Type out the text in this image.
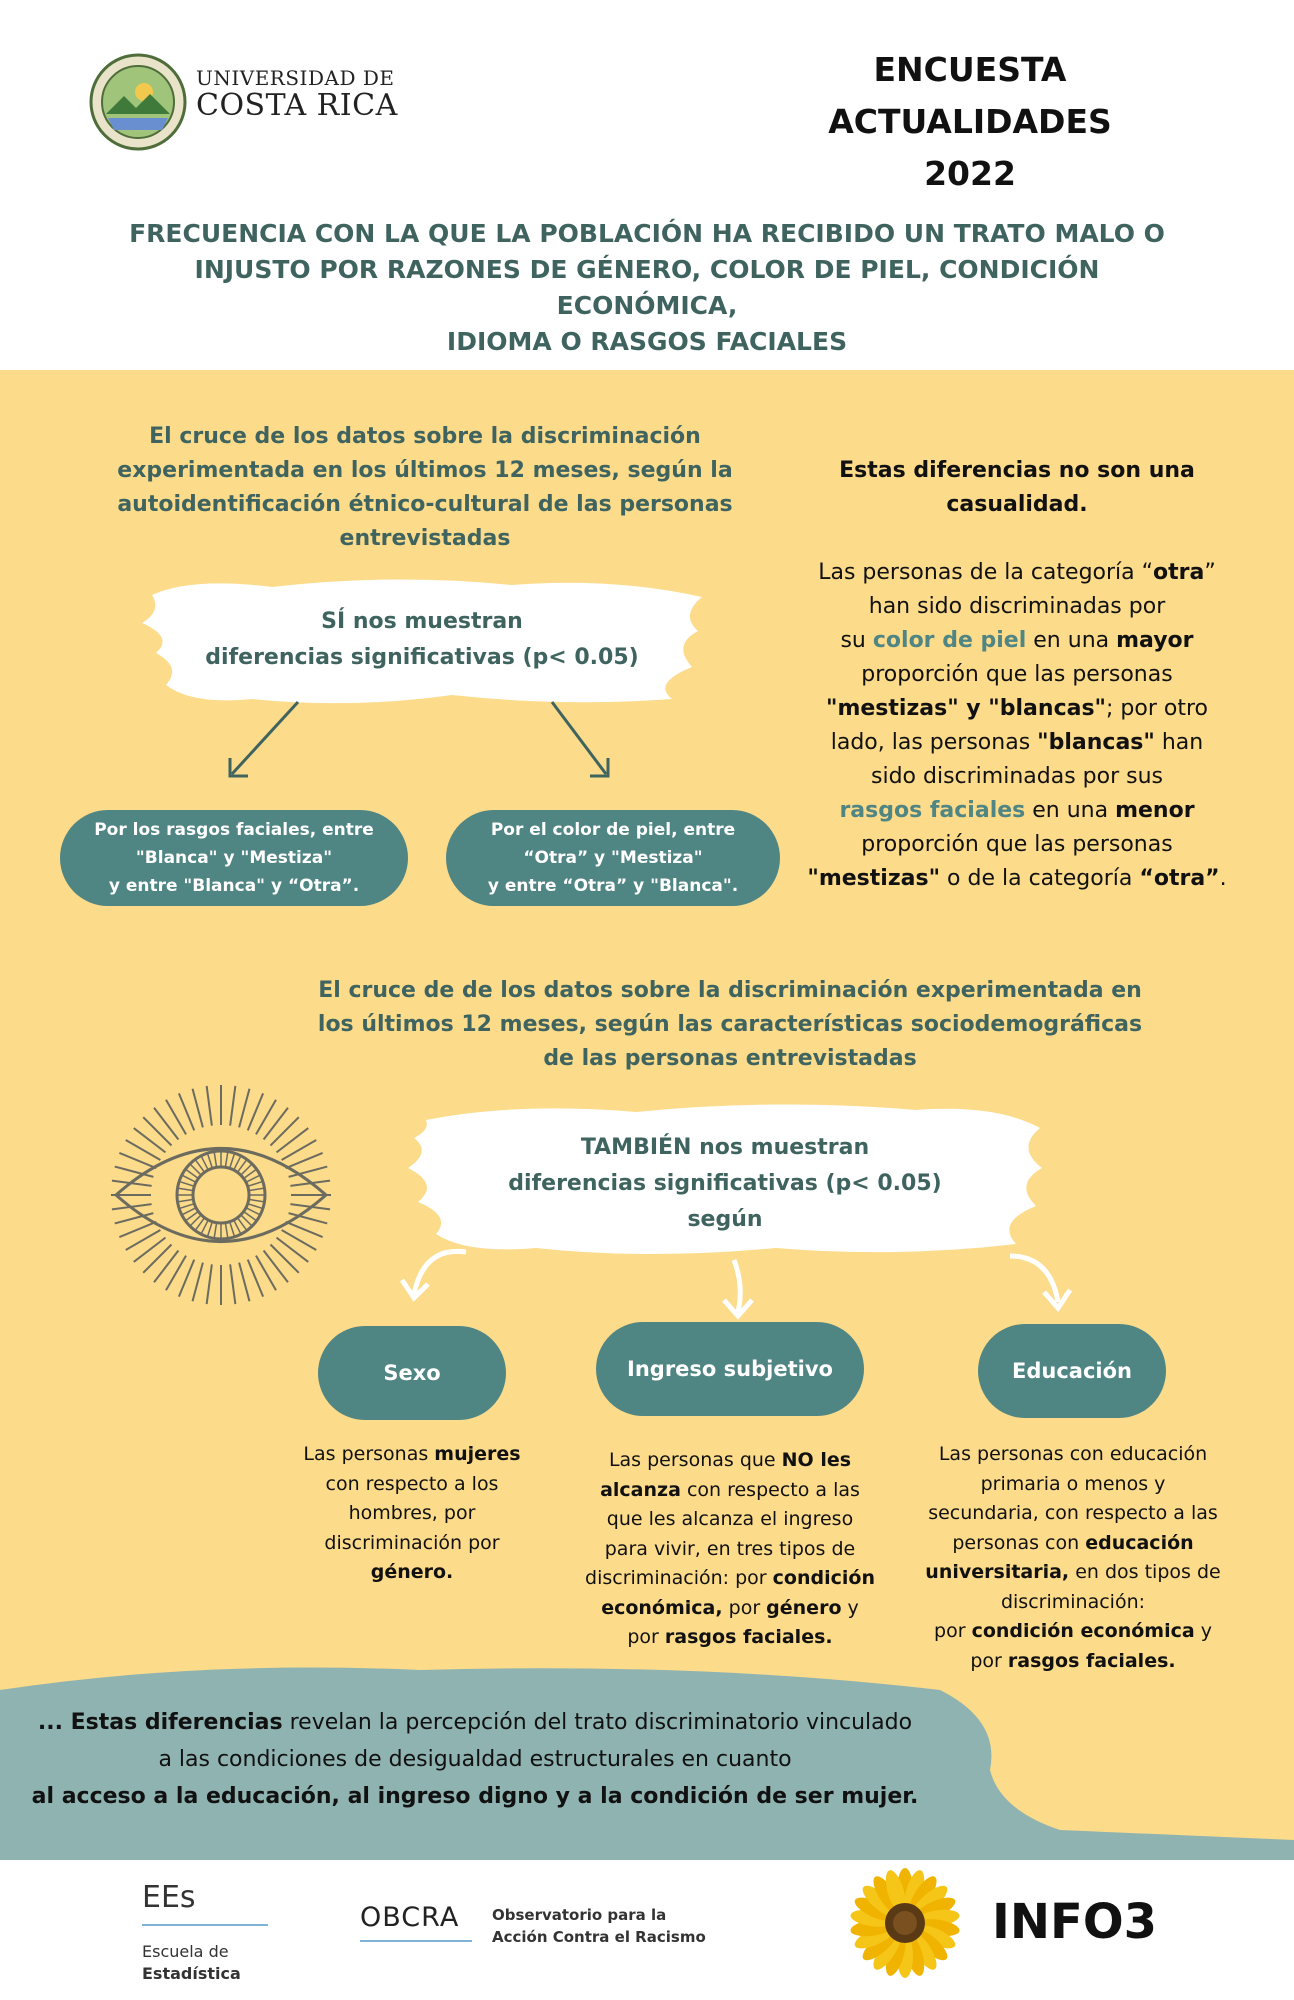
UNIVERSIDAD DE
COSTA RICA
ENCUESTA
ACTUALIDADES 2022
FRECUENCIA CON LA QUE LA POBLACIÓN HA RECIBIDO UN TRATO MALO O
INJUSTO POR RAZONES DE GÉNERO, COLOR DE PIEL, CONDICIÓN ECONÓMICA,
IDIOMA O RASGOS FACIALES
El cruce de los datos sobre la discriminación
experimentada en los últimos 12 meses, según la
autoidentificación étnico-cultural de las personas
entrevistadas
SÍ nos muestran
diferencias significativas (p< 0.05)
Por los rasgos faciales, entre
"Blanca" y "Mestiza"
y entre "Blanca" y “Otra”.
Por el color de piel, entre
“Otra” y "Mestiza"
y entre “Otra” y "Blanca".
Estas diferencias no son una
casualidad.
Las personas de la categoría “otra”
han sido discriminadas por
su color de piel en una mayor
proporción que las personas
"mestizas" y "blancas"; por otro
lado, las personas "blancas" han
sido discriminadas por sus
rasgos faciales en una menor
proporción que las personas
"mestizas" o de la categoría “otra”.
El cruce de de los datos sobre la discriminación experimentada en
los últimos 12 meses, según las características sociodemográficas
de las personas entrevistadas
TAMBIÉN nos muestran
diferencias significativas (p< 0.05)
según
Sexo	Ingreso subjetivo	Educación
Las personas mujeres
con respecto a los
hombres, por
discriminación por
género.
Las personas que NO les
alcanza con respecto a las
que les alcanza el ingreso
para vivir, en tres tipos de
discriminación: por condición
económica, por género y
por rasgos faciales.
Las personas con educación
primaria o menos y
secundaria, con respecto a las
personas con educación
universitaria, en dos tipos de
discriminación:
por condición económica y
por rasgos faciales.
... Estas diferencias revelan la percepción del trato discriminatorio vinculado
a las condiciones de desigualdad estructurales en cuanto
al acceso a la educación, al ingreso digno y a la condición de ser mujer.
EEs
Escuela de
Estadística
OBCRA Observatorio para la
Acción Contra el Racismo	INFO3
